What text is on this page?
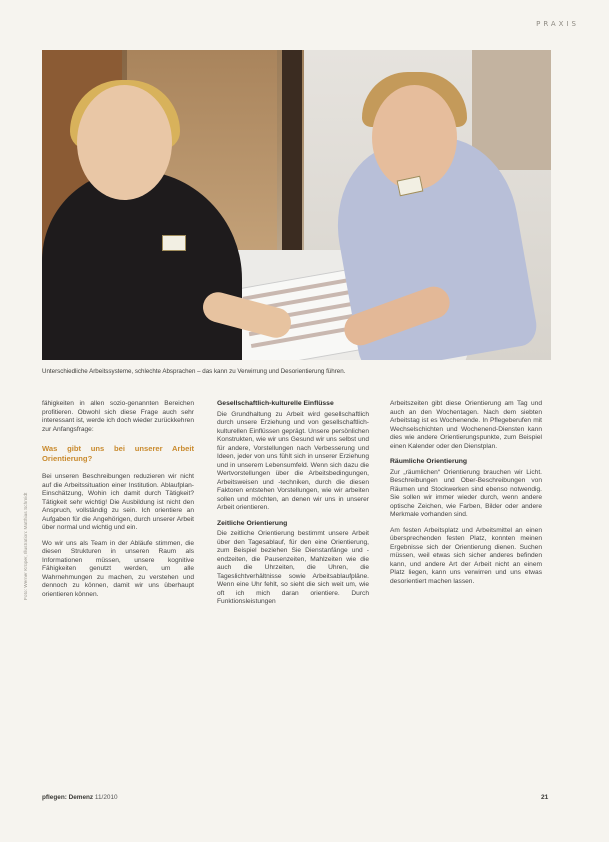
PRAXIS
Unterschiedliche Arbeitssysteme, schlechte Absprachen – das kann zu Verwirrung und Desorientierung führen.
Foto: Werner Krüper, Illustration: Matthias Schmidt

fähigkeiten in allen sozio-genannten Bereichen profitieren. Obwohl sich diese Frage auch sehr interessant ist, werde ich doch wieder zurückkehren zur Anfangsfrage:

Was gibt uns bei unserer Arbeit Orientierung?

Bei unseren Beschreibungen reduzieren wir nicht auf die Arbeitssituation einer Institution. Ablaufplan-Einschätzung, Wohin ich damit durch Tätigkeit? Tätigkeit sehr wichtig! Die Ausbildung ist nicht den Anspruch, vollständig zu sein. Ich orientiere an Aufgaben für die Angehörigen, durch unserer Arbeit über normal und wichtig und ein.

Wo wir uns als Team in der Abläufe stimmen, die diesen Strukturen in unseren Raum als Informationen müssen, unsere kognitive Fähigkeiten genutzt werden, um alle Wahrnehmungen zu machen, zu verstehen und dennoch zu können, damit wir uns überhaupt orientieren können.

Gesellschaftlich-kulturelle Einflüsse

Die Grundhaltung zu Arbeit wird gesellschaftlich durch unsere Erziehung und von gesellschaftlich-kulturellen Einflüssen geprägt. Unsere persönlichen Konstrukten, wie wir uns Gesund wir uns selbst und für andere, Vorstellungen nach Verbesserung und Ideen, jeder von uns fühlt sich in unserer Erziehung und in unserem Lebensumfeld. Wenn sich dazu die Wertvorstellungen über die Arbeitsbedingungen, Arbeitsweisen und -techniken, durch die diesen Faktoren entstehen Vorstellungen, wie wir arbeiten sollen und möchten, an denen wir uns in unserer Arbeit orientieren.

Zeitliche Orientierung

Die zeitliche Orientierung bestimmt unsere Arbeit über den Tagesablauf, für den eine Orientierung, zum Beispiel beziehen Sie Dienstanfänge und -endzeiten, die Pausenzeiten, Mahlzeiten wie die auch die Uhrzeiten, die Uhren, die Tageslichtverhältnisse sowie Arbeitsablaufpläne. Wenn eine Uhr fehlt, so sieht die sich weit um, wie oft ich mich daran orientiere. Durch Funktionsleistungen

Arbeitszeiten gibt diese Orientierung am Tag und auch an den Wochentagen. Nach dem siebten Arbeitstag ist es Wochenende. In Pflegeberufen mit Wechselschichten und Wochenend-Diensten kann dies wie andere Orientierungspunkte, zum Beispiel einen Kalender oder den Dienstplan.

Räumliche Orientierung

Zur „räumlichen“ Orientierung brauchen wir Licht. Beschreibungen und Ober-Beschreibungen von Räumen und Stockwerken sind ebenso notwendig. Sie sollen wir immer wieder durch, wenn andere optische Zeichen, wie Farben, Bilder oder andere Merkmale vorhanden sind.

Am festen Arbeitsplatz und Arbeitsmittel an einen übersprechenden festen Platz, konnten meinen Ergebnisse sich der Orientierung dienen. Suchen müssen, weil etwas sich sicher anderes befinden kann, und andere Art der Arbeit nicht an einem Platz liegen, kann uns verwirren und uns etwas desorientiert machen lassen.

pflegen: Demenz 11/2010	21
